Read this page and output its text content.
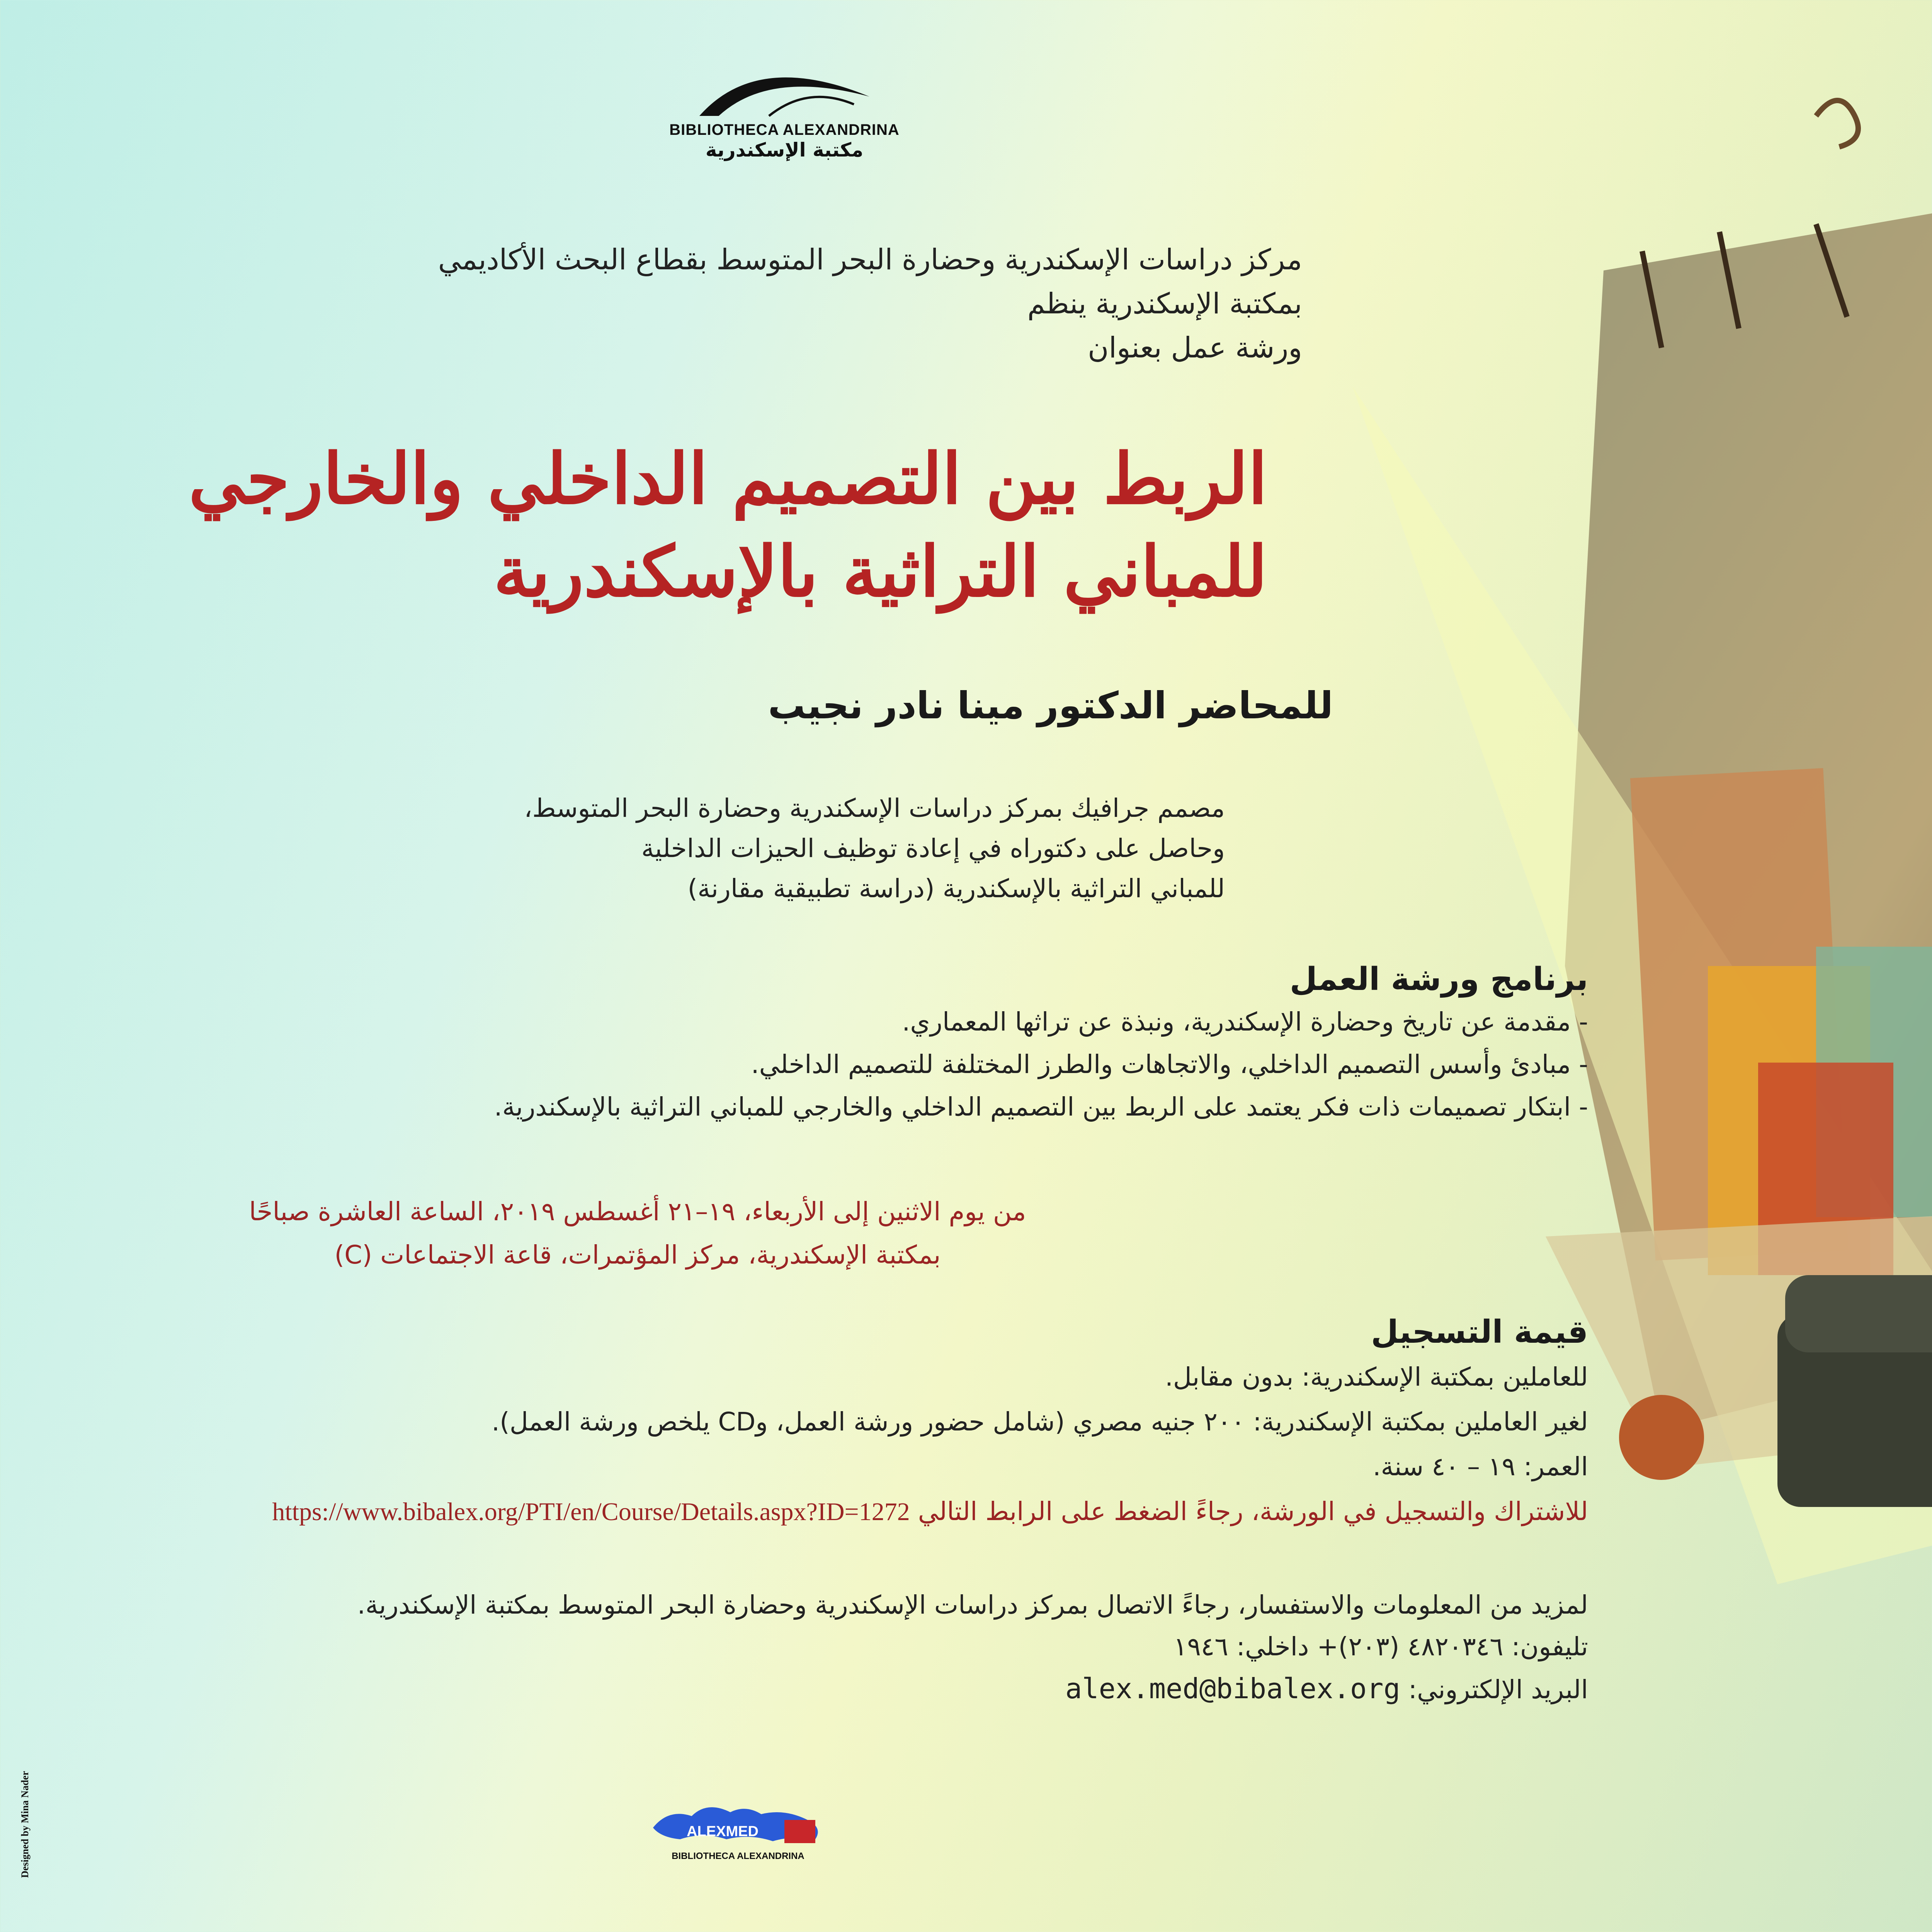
BIBLIOTHECA ALEXANDRINA
مكتبة الإسكندرية
مركز دراسات الإسكندرية وحضارة البحر المتوسط بقطاع البحث الأكاديمي
بمكتبة الإسكندرية ينظم
ورشة عمل بعنوان
الربط بين التصميم الداخلي والخارجي
للمباني التراثية بالإسكندرية
للمحاضر الدكتور مينا نادر نجيب
مصمم جرافيك بمركز دراسات الإسكندرية وحضارة البحر المتوسط،
وحاصل على دكتوراه في إعادة توظيف الحيزات الداخلية
للمباني التراثية بالإسكندرية (دراسة تطبيقية مقارنة)
برنامج ورشة العمل
- مقدمة عن تاريخ وحضارة الإسكندرية، ونبذة عن تراثها المعماري.
- مبادئ وأسس التصميم الداخلي، والاتجاهات والطرز المختلفة للتصميم الداخلي.
- ابتكار تصميمات ذات فكر يعتمد على الربط بين التصميم الداخلي والخارجي للمباني التراثية بالإسكندرية.
من يوم الاثنين إلى الأربعاء، ١٩–٢١ أغسطس ٢٠١٩، الساعة العاشرة صباحًا
بمكتبة الإسكندرية، مركز المؤتمرات، قاعة الاجتماعات (C)
قيمة التسجيل
للعاملين بمكتبة الإسكندرية: بدون مقابل.
لغير العاملين بمكتبة الإسكندرية: ٢٠٠ جنيه مصري (شامل حضور ورشة العمل، وCD يلخص ورشة العمل).
العمر: ١٩ – ٤٠ سنة.
للاشتراك والتسجيل في الورشة، رجاءً الضغط على الرابط التالي https://www.bibalex.org/PTI/en/Course/Details.aspx?ID=1272
لمزيد من المعلومات والاستفسار، رجاءً الاتصال بمركز دراسات الإسكندرية وحضارة البحر المتوسط بمكتبة الإسكندرية.
تليفون: ٤٨٢٠٣٤٦ (٢٠٣)+ داخلي: ١٩٤٦
البريد الإلكتروني: alex.med@bibalex.org
Designed by Mina Nader	ALEXMED
BIBLIOTHECA ALEXANDRINA
